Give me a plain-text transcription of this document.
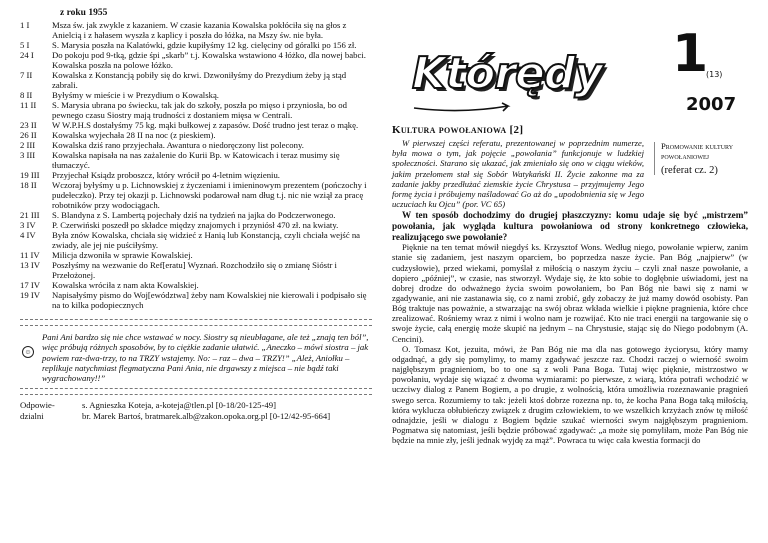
z roku 1955
1 I	Msza św. jak zwykle z kazaniem. W czasie kazania Kowalska pokłóciła się na głos z Anielcią i z hałasem wyszła z kaplicy i poszła do łóżka, na Mszy św. nie była.
5 I	S. Marysia poszła na Kalatówki, gdzie kupiłyśmy 12 kg. cielęciny od góralki po 156 zł.
24 I	Do pokoju pod 9-tką, gdzie śpi „skarb” t.j. Kowalska wstawiono 4 łóżko, dla nowej babci. Kowalska poszła na polowe łóżko.
7 II	Kowalska z Konstancją pobiły się do krwi. Dzwoniłyśmy do Prezydium żeby ją stąd zabrali.
8 II	Byłyśmy w mieście i w Prezydium o Kowalską.
11 II	S. Marysia ubrana po świecku, tak jak do szkoły, poszła po mięso i przyniosła, bo od pewnego czasu Siostry mają trudności z dostaniem mięsa w Centrali.
23 II	W W.P.H.S dostałyśmy 75 kg. mąki bułkowej z zapasów. Dość trudno jest teraz o mąkę.
26 II	Kowalska wyjechała 28 II na noc (z pieskiem).
2 III	Kowalska dziś rano przyjechała. Awantura o niedoręczony list polecony.
3 III	Kowalska napisała na nas zażalenie do Kurii Bp. w Katowicach i teraz musimy się tłumaczyć.
19 III	Przyjechał Ksiądz proboszcz, który wrócił po 4-letnim więzieniu.
18 II	Wczoraj byłyśmy u p. Lichnowskiej z życzeniami i imieninowym prezentem (pończochy i pudełeczko). Przy tej okazji p. Lichnowski podarował nam dług t.j. nic nie wziął za pracę robotników przy wodociągach.
21 III	S. Blandyna z S. Lambertą pojechały dziś na tydzień na jajka do Podczerwonego.
3 IV	P. Czerwiński poszedł po składce między znajomych i przyniósł 470 zł. na kwiaty.
4 IV	Była znów Kowalska, chciała się widzieć z Hanią lub Konstancją, czyli chciała wejść na zwiady, ale jej nie puściłyśmy.
11 IV	Milicja dzwoniła w sprawie Kowalskiej.
13 IV	Poszłyśmy na wezwanie do Ref[eratu] Wyznań. Rozchodziło się o zmianę Sióstr i Przełożonej.
17 IV	Kowalska wróciła z nam akta Kowalskiej.
19 IV	Napisałyśmy pismo do Woj[ewództwa] żeby nam Kowalskiej nie kierowali i podpisało się na to kilka podopiecznych
☺
Pani Ani bardzo się nie chce wstawać w nocy. Siostry są nieubłagane, ale też „znają ten ból”, więc próbują różnych sposobów, by to ciężkie zadanie ułatwić. „Aneczko – mówi siostra – jak powiem raz-dwa-trzy, to na TRZY wstajemy. No: – raz – dwa – TRZY!” „Ależ, Aniołku – replikuje natychmiast flegmatyczna Pani Ania, nie drgawszy z miejsca – nie bądź taki wygrachowany!!”
Odpowie-
dzialni
s. Agnieszka Koteja, a-koteja@tlen.pl [0-18/20-125-49]
br. Marek Bartoś, bratmarek.alb@zakon.opoka.org.pl [0-12/42-95-664]
Którędy 1 (13)
2007
Kultura powołaniowa [2]
W pierwszej części referatu, prezentowanej w poprzednim numerze, była mowa o tym, jak pojęcie „powołania” funkcjonuje w ludzkiej społeczności. Starano się ukazać, jak zmieniało się ono w ciągu wieków, jakim przełomem stał się Sobór Watykański II. Życie zakonne ma za zadanie jakby przedłużać ziemskie życie Chrystusa – przyjmujemy Jego formę życia i próbujemy naśladować Go aż do „upodobnienia się w Jego uczuciach ku Ojcu” (por. VC 65)
Promowanie kultury powołaniowej
(referat cz. 2)
W ten sposób dochodzimy do drugiej płaszczyzny: komu udaje się być „mistrzem” powołania, jak wygląda kultura powołaniowa od strony konkretnego człowieka, realizującego swe powołanie?

Pięknie na ten temat mówił niegdyś ks. Krzysztof Wons. Według niego, powołanie wpierw, zanim stanie się zadaniem, jest naszym oparciem, bo poprzedza nasze życie. Pan Bóg „najpierw” (w cudzysłowie), przed wiekami, pomyślał z miłością o naszym życiu – czyli znał nasze powołanie, a dopiero „później”, w czasie, nas stworzył. Wydaje się, że kto sobie to dogłębnie uświadomi, jest na dobrej drodze do odważnego życia swoim powołaniem, bo Pan Bóg nie bawi się z nami w zgadywanie, ani nie zastanawia się, co z nami zrobić, gdy zobaczy że już mamy dowód osobisty. Pan Bóg traktuje nas poważnie, a stwarzając na swój obraz wkłada wielkie i piękne pragnienia, które chce zrealizować. Rośniemy wraz z nimi i wolno nam je rozwijać. Kto nie traci energii na targowanie się o swoje życie, całą energię może skupić na jednym – na Chrystusie, stając się do Niego podobnym (A. Cencini).

O. Tomasz Kot, jezuita, mówi, że Pan Bóg nie ma dla nas gotowego życiorysu, który mamy odgadnąć, a gdy się pomylimy, to mamy zgadywać jeszcze raz. Chodzi raczej o wierność swoim najgłębszym pragnieniom, bo to one są z woli Pana Boga. Tutaj więc pięknie, mistrzostwo w powołaniu, wydaje się wiązać z dwoma wymiarami: po pierwsze, z wiarą, która potrafi wchodzić w uczciwy dialog z Panem Bogiem, a po drugie, z wolnością, która umożliwia rozeznawanie pragnień swego serca. Rozumiemy to tak: jeżeli ktoś dobrze rozezna np. to, że kocha Pana Boga taką miłością, która wyklucza obłubieńczy związek z drugim człowiekiem, to we wszelkich krzyżach znów tę miłość odnajdzie, jeśli w dialogu z Bogiem będzie szukać wierności swym najgłębszym pragnieniom. Pogmatwa się natomiast, jeśli będzie próbować zgadywać: „a może się pomyliłam, może Pan Bóg nie będzie na mnie zły, jeśli jednak wyjdę za mąż”. Powraca tu więc cała kwestia formacji do
